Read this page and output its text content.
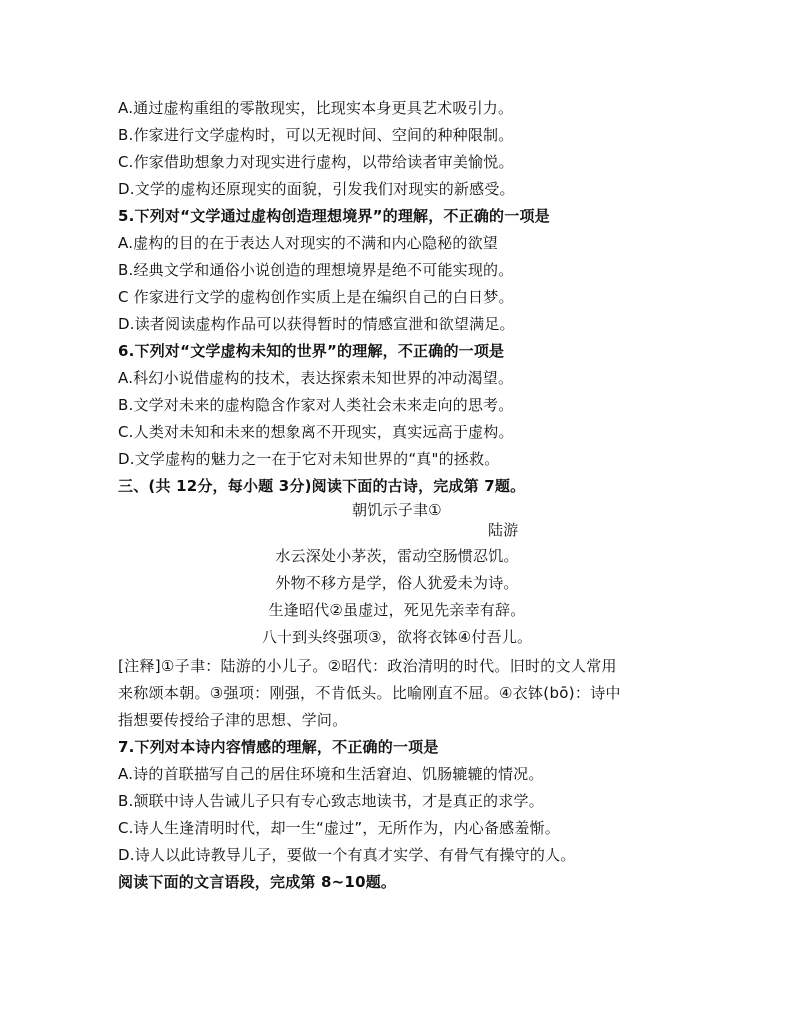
A.通过虚构重组的零散现实，比现实本身更具艺术吸引力。
B.作家进行文学虚构时，可以无视时间、空间的种种限制。
C.作家借助想象力对现实进行虚构，以带给读者审美愉悦。
D.文学的虚构还原现实的面貌，引发我们对现实的新感受。
5.下列对“文学通过虚构创造理想境界”的理解，不正确的一项是
A.虚构的目的在于表达人对现实的不满和内心隐秘的欲望
B.经典文学和通俗小说创造的理想境界是绝不可能实现的。
C 作家进行文学的虚构创作实质上是在编织自己的白日梦。
D.读者阅读虚构作品可以获得暂时的情感宣泄和欲望满足。
6.下列对“文学虚构未知的世界”的理解，不正确的一项是
A.科幻小说借虚构的技术，表达探索未知世界的冲动渴望。
B.文学对未来的虚构隐含作家对人类社会未来走向的思考。
C.人类对未知和未来的想象离不开现实，真实远高于虚构。
D.文学虚构的魅力之一在于它对未知世界的“真"的拯救。
三、(共 12分，每小题 3分)阅读下面的古诗，完成第 7题。
朝饥示子聿①
陆游
水云深处小茅茨，雷动空肠惯忍饥。
外物不移方是学，俗人犹爱未为诗。
生逢昭代②虽虚过，死见先亲幸有辞。
八十到头终强项③，欲将衣钵④付吾儿。
[注释]①子聿：陆游的小儿子。②昭代：政治清明的时代。旧时的文人常用
来称颂本朝。③强项：刚强，不肯低头。比喻刚直不屈。④衣钵(bō)：诗中
指想要传授给子津的思想、学问。
7.下列对本诗内容情感的理解，不正确的一项是
A.诗的首联描写自己的居住环境和生活窘迫、饥肠辘辘的情况。
B.颔联中诗人告诫儿子只有专心致志地读书，才是真正的求学。
C.诗人生逢清明时代，却一生“虚过”，无所作为，内心备感羞惭。
D.诗人以此诗教导儿子，要做一个有真才实学、有骨气有操守的人。
阅读下面的文言语段，完成第 8~10题。
